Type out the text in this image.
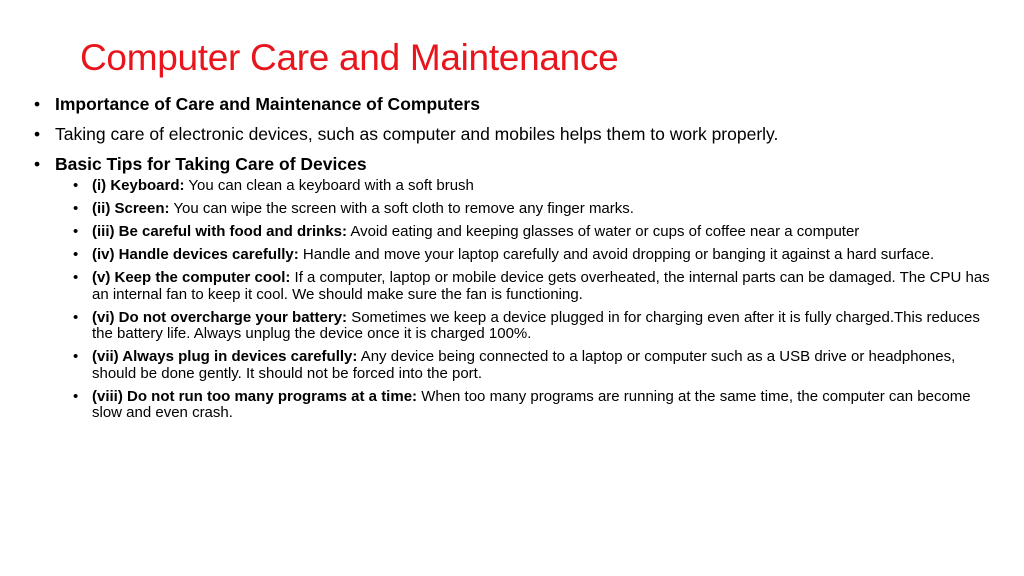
Computer Care and Maintenance
• Importance of Care and Maintenance of Computers
• Taking care of electronic devices, such as computer and mobiles helps them to work properly.
• Basic Tips for Taking Care of Devices
• (i) Keyboard: You can clean a keyboard with a soft brush
• (ii) Screen: You can wipe the screen with a soft cloth to remove any finger marks.
• (iii) Be careful with food and drinks: Avoid eating and keeping glasses of water or cups of coffee near a computer
• (iv) Handle devices carefully: Handle and move your laptop carefully and avoid dropping or banging it against a hard surface.
• (v) Keep the computer cool: If a computer, laptop or mobile device gets overheated, the internal parts can be damaged. The CPU has an internal fan to keep it cool. We should make sure the fan is functioning.
• (vi) Do not overcharge your battery: Sometimes we keep a device plugged in for charging even after it is fully charged.This reduces the battery life. Always unplug the device once it is charged 100%.
• (vii) Always plug in devices carefully: Any device being connected to a laptop or computer such as a USB drive or headphones, should be done gently. It should not be forced into the port.
• (viii) Do not run too many programs at a time: When too many programs are running at the same time, the computer can become slow and even crash.
